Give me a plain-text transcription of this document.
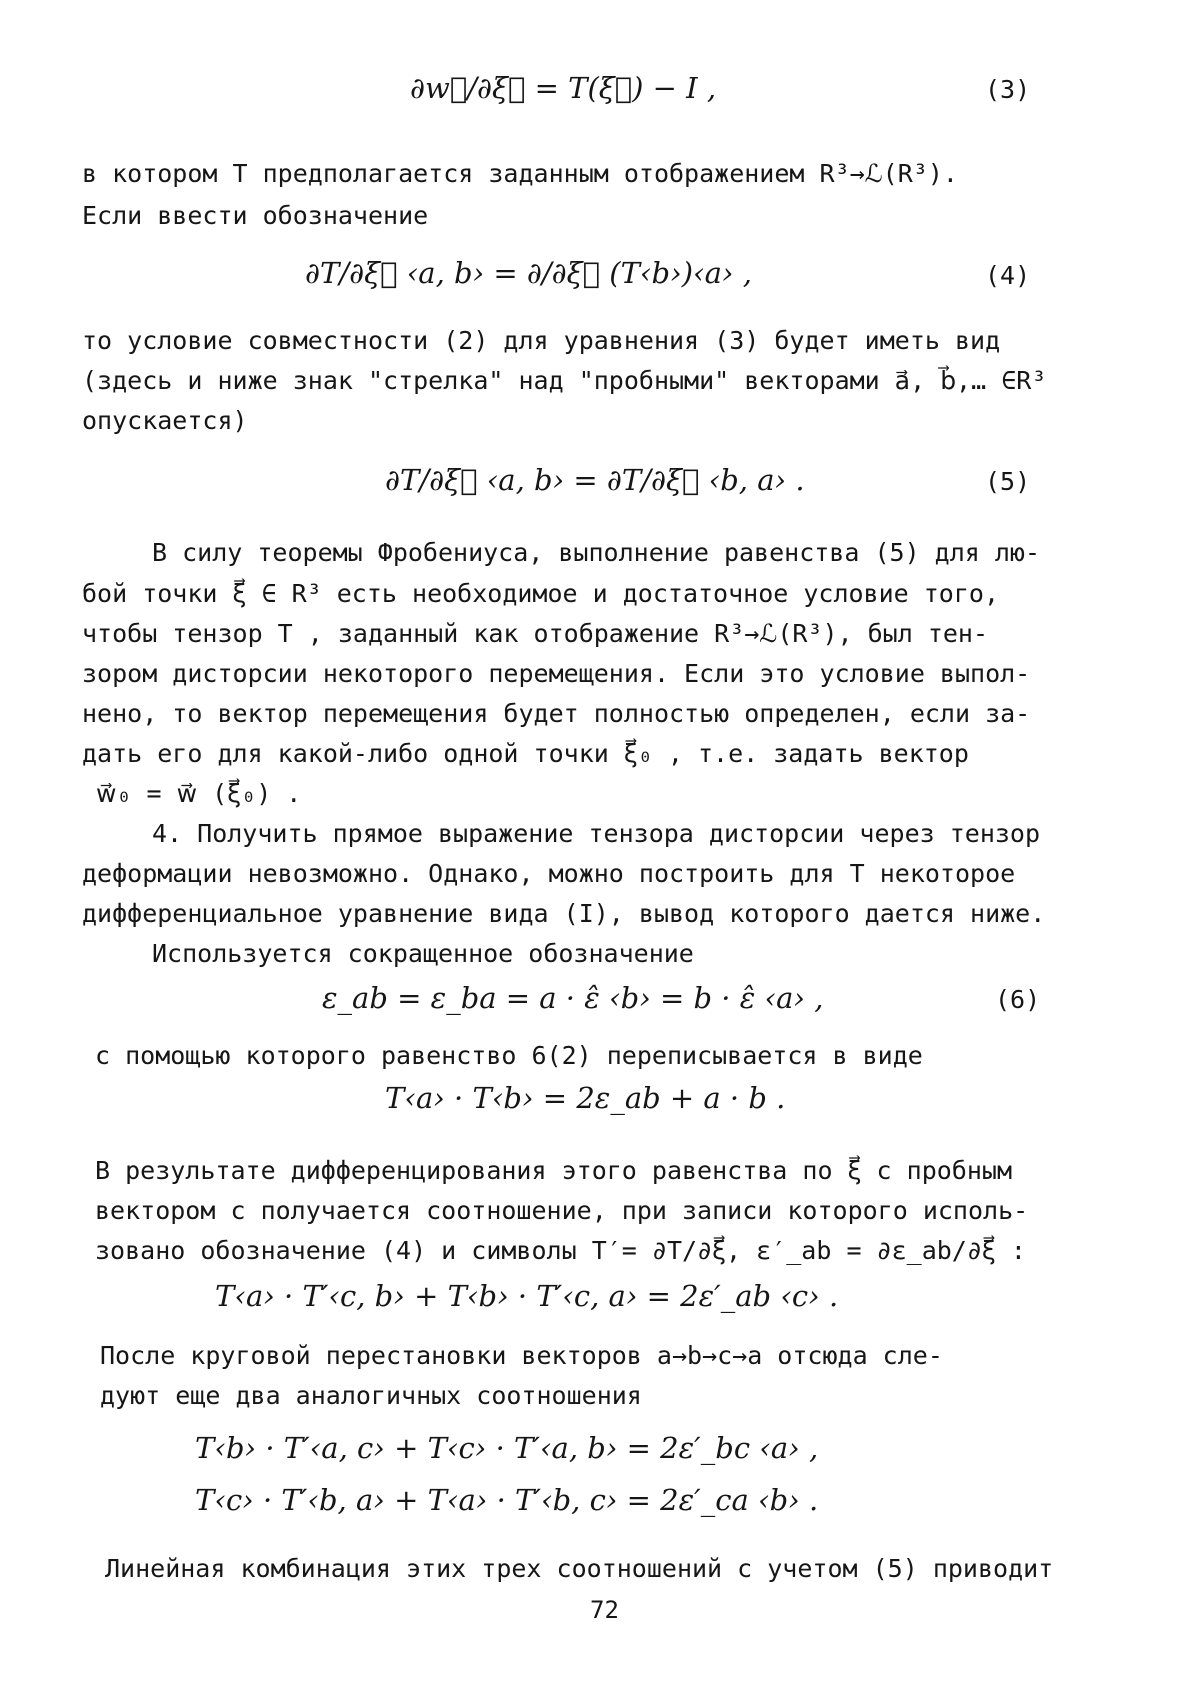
∂w⃗/∂ξ⃗ = T(ξ⃗) − I ,	(3)
в котором T предполагается заданным отображением R³→ℒ(R³).
Если ввести обозначение
∂T/∂ξ⃗ ‹a, b› = ∂/∂ξ⃗ (T‹b›)‹a› ,	(4)
то условие совместности (2) для уравнения (3) будет иметь вид
(здесь и ниже знак "стрелка" над "пробными" векторами a⃗, b⃗,… ∈R³
опускается)
∂T/∂ξ⃗ ‹a, b› = ∂T/∂ξ⃗ ‹b, a› .	(5)
В силу теоремы Фробениуса, выполнение равенства (5) для лю-
бой точки ξ⃗ ∈ R³ есть необходимое и достаточное условие того,
чтобы тензор T , заданный как отображение R³→ℒ(R³), был тен-
зором дисторсии некоторого перемещения. Если это условие выпол-
нено, то вектор перемещения будет полностью определен, если за-
дать его для какой-либо одной точки ξ⃗₀ , т.е. задать вектор
w⃗₀ = w⃗ (ξ⃗₀) .
4. Получить прямое выражение тензора дисторсии через тензор
деформации невозможно. Однако, можно построить для T некоторое
дифференциальное уравнение вида (I), вывод которого дается ниже.
Используется сокращенное обозначение
ε_ab = ε_ba = a · ε̂ ‹b› = b · ε̂ ‹a› ,	(6)
с помощью которого равенство 6(2) переписывается в виде
T‹a› · T‹b› = 2ε_ab + a · b .
В результате дифференцирования этого равенства по ξ⃗ с пробным
вектором c получается соотношение, при записи которого исполь-
зовано обозначение (4) и символы T′= ∂T/∂ξ⃗, ε′_ab = ∂ε_ab/∂ξ⃗ :
T‹a› · T′‹c, b› + T‹b› · T′‹c, a› = 2ε′_ab ‹c› .
После круговой перестановки векторов a→b→c→a отсюда сле-
дуют еще два аналогичных соотношения
T‹b› · T′‹a, c› + T‹c› · T′‹a, b› = 2ε′_bc ‹a› ,
T‹c› · T′‹b, a› + T‹a› · T′‹b, c› = 2ε′_ca ‹b› .
Линейная комбинация этих трех соотношений с учетом (5) приводит
72
